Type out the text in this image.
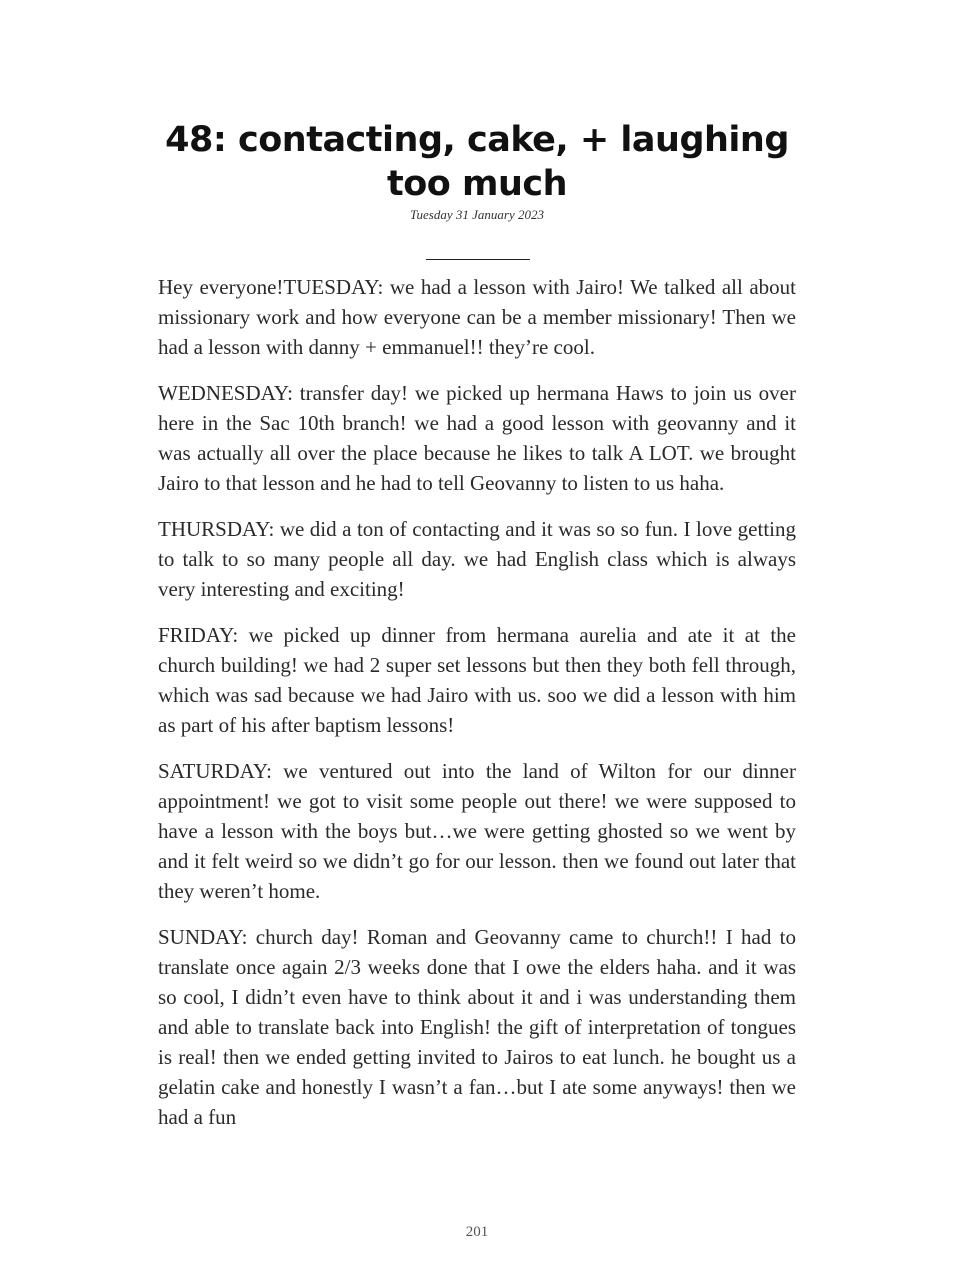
48: contacting, cake, + laughing too much
Tuesday 31 January 2023

Hey everyone!TUESDAY: we had a lesson with Jairo! We talked all about missionary work and how everyone can be a member missionary! Then we had a lesson with danny + emmanuel!! they’re cool.

WEDNESDAY: transfer day! we picked up hermana Haws to join us over here in the Sac 10th branch! we had a good lesson with geovanny and it was actually all over the place because he likes to talk A LOT. we brought Jairo to that lesson and he had to tell Geovanny to listen to us haha.

THURSDAY: we did a ton of contacting and it was so so fun. I love getting to talk to so many people all day. we had English class which is always very interesting and exciting!

FRIDAY: we picked up dinner from hermana aurelia and ate it at the church building! we had 2 super set lessons but then they both fell through, which was sad because we had Jairo with us. soo we did a lesson with him as part of his after baptism lessons!

SATURDAY: we ventured out into the land of Wilton for our dinner appointment! we got to visit some people out there! we were supposed to have a lesson with the boys but…we were getting ghosted so we went by and it felt weird so we didn’t go for our lesson. then we found out later that they weren’t home.

SUNDAY: church day! Roman and Geovanny came to church!! I had to translate once again 2/3 weeks done that I owe the elders haha. and it was so cool, I didn’t even have to think about it and i was understanding them and able to translate back into English! the gift of interpretation of tongues is real! then we ended getting invited to Jairos to eat lunch. he bought us a gelatin cake and honestly I wasn’t a fan…but I ate some anyways! then we had a fun

201
